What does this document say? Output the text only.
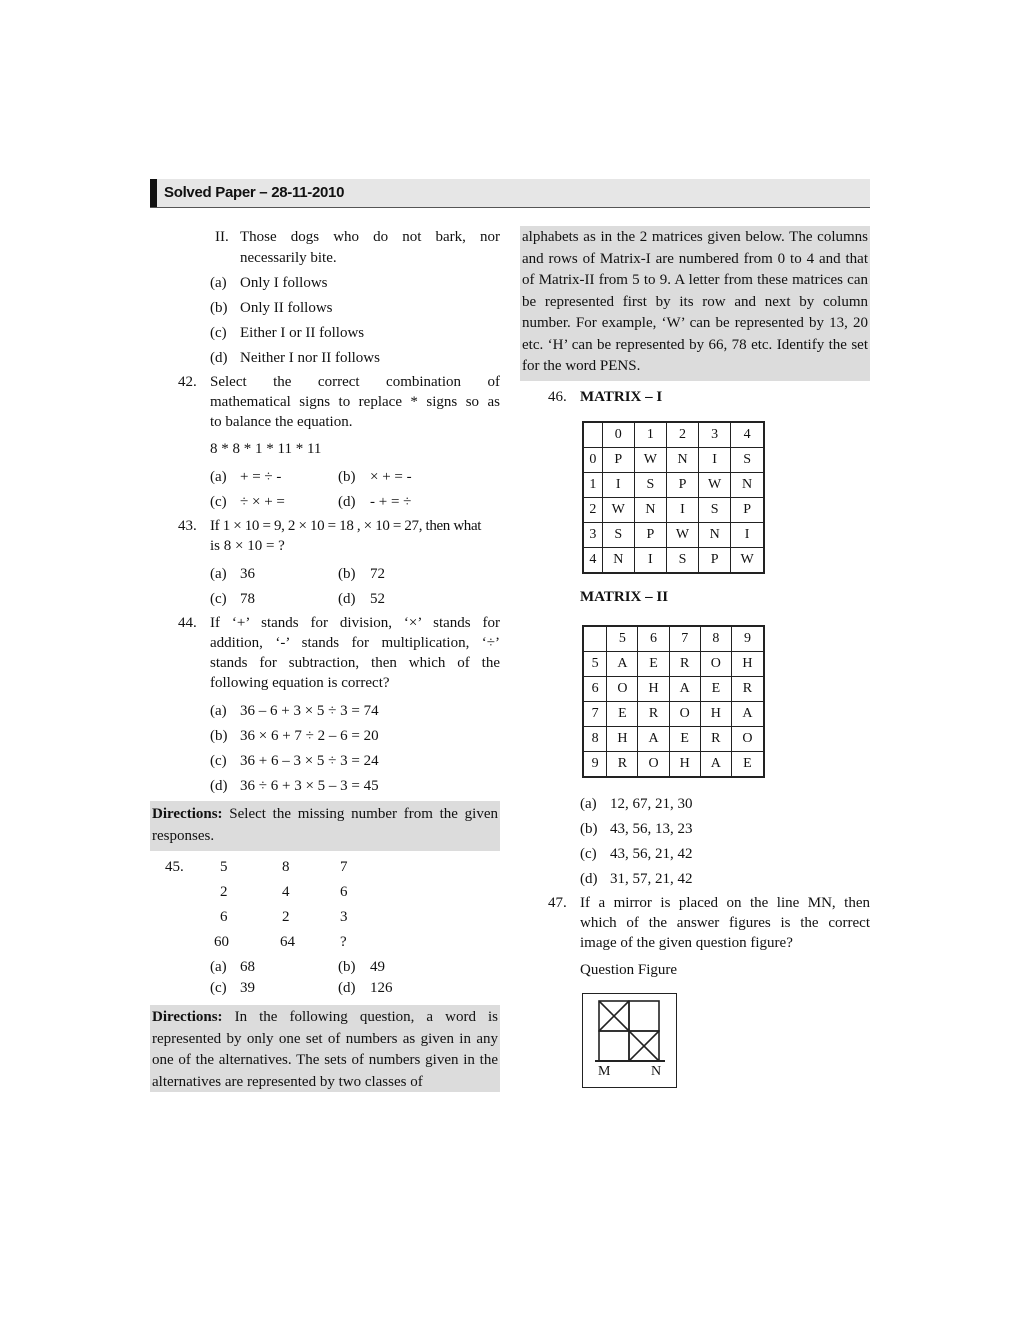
Solved Paper – 28-11-2010
II. Those dogs who do not bark, nor
necessarily bite.
(a) Only I follows
(b) Only II follows
(c) Either I or II follows
(d) Neither I nor II follows
42. Select the correct combination of
mathematical signs to replace * signs so as
to balance the equation.
8 * 8 * 1 * 11 * 11
(a) + = ÷ -	(b) × + = -
(c) ÷ × + =	(d) - + = ÷
43. If 1 × 10 = 9, 2 × 10 = 18 , × 10 = 27, then what
is 8 × 10 = ?
(a) 36	(b) 72
(c) 78	(d) 52
44. If ‘+’ stands for division, ‘×’ stands for
addition, ‘-’ stands for multiplication, ‘÷’
stands for subtraction, then which of the
following equation is correct?
(a) 36 – 6 + 3 × 5 ÷ 3 = 74
(b) 36 × 6 + 7 ÷ 2 – 6 = 20
(c) 36 + 6 – 3 × 5 ÷ 3 = 24
(d) 36 ÷ 6 + 3 × 5 – 3 = 45
Directions: Select the missing number from the given responses.
45. 5	8	7
2	4	6
6	2	3
60	64	?
(a) 68	(b) 49
(c) 39	(d) 126
Directions: In the following question, a word is represented by only one set of numbers as given in any one of the alternatives. The sets of numbers given in the alternatives are represented by two classes of
alphabets as in the 2 matrices given below. The columns and rows of Matrix-I are numbered from 0 to 4 and that of Matrix-II from 5 to 9. A letter from these matrices can be represented first by its row and next by column number. For example, ‘W’ can be represented by 13, 20 etc. ‘H’ can be represented by 66, 78 etc. Identify the set for the word PENS.
46. MATRIX – I
	0	1	2	3	4
0	P	W	N	I	S
1	I	S	P	W	N
2	W	N	I	S	P
3	S	P	W	N	I
4	N	I	S	P	W
MATRIX – II
	5	6	7	8	9
5	A	E	R	O	H
6	O	H	A	E	R
7	E	R	O	H	A
8	H	A	E	R	O
9	R	O	H	A	E
(a) 12, 67, 21, 30
(b) 43, 56, 13, 23
(c) 43, 56, 21, 42
(d) 31, 57, 21, 42
47. If a mirror is placed on the line MN, then
which of the answer figures is the correct
image of the given question figure?
Question Figure
M	N
